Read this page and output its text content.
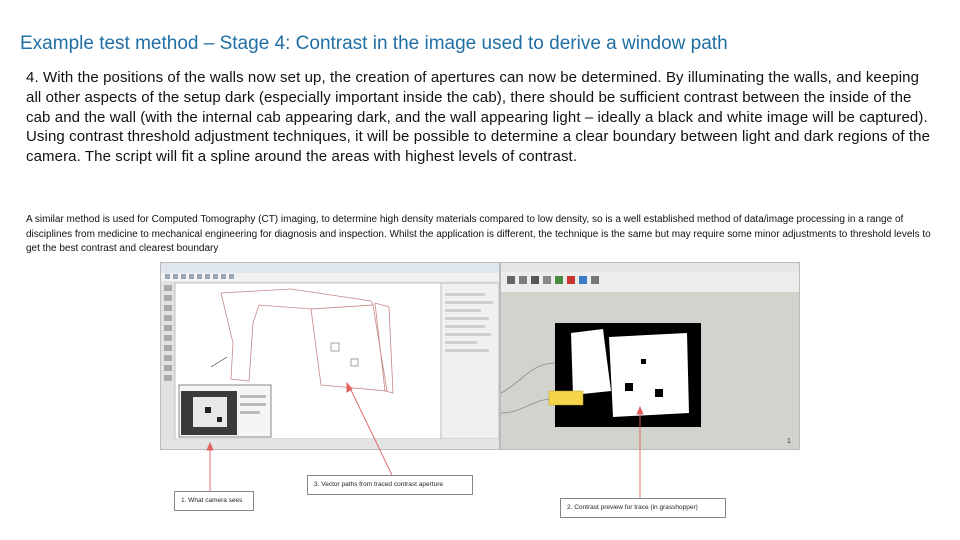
Example test method – Stage 4: Contrast in the image used to derive a window path
4. With the positions of the walls now set up, the creation of apertures can now be determined. By illuminating the walls, and keeping all other aspects of the setup dark (especially important inside the cab), there should be sufficient contrast between the inside of the cab and the wall (with the internal cab appearing dark, and the wall appearing light – ideally a black and white image will be captured). Using contrast threshold adjustment techniques, it will be possible to determine a clear boundary between light and dark regions of the camera. The script will fit a spline around the areas with highest levels of contrast.
A similar method is used for Computed Tomography (CT) imaging, to determine high density materials compared to low density, so is a well established method of data/image processing in a range of disciplines from medicine to mechanical engineering for diagnosis and inspection. Whilst the application is different, the technique is the same but may require some minor adjustments to threshold levels to get the best contrast and clearest boundary
1
1. What camera sees
3. Vector paths from traced contrast aperture
2. Contrast preview for trace (in grasshopper)
